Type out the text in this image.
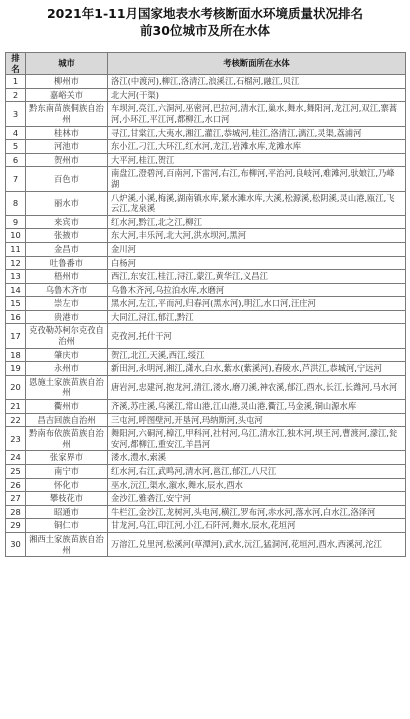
2021年1-11月国家地表水考核断面水环境质量状况排名
前30位城市及所在水体
排名	城市	考核断面所在水体
1	柳州市	洛江(中渡河),柳江,洛清江,浪溪江,石榴河,融江,贝江
2	嘉峪关市	北大河(干渠)
3	黔东南苗族侗族自治州	车坝河,亮江,六洞河,巫密河,巴拉河,清水江,巢水,舞水,舞阳河,龙江河,双江,寨蒿河,小环江,平江河,都柳江,水口河
4	桂林市	寻江,甘棠江,大夷水,湘江,灌江,恭城河,桂江,洛清江,漓江,灵渠,荔浦河
5	河池市	东小江,刁江,大环江,红水河,龙江,岩滩水库,龙滩水库
6	贺州市	大平河,桂江,贺江
7	百色市	南盘江,澄碧河,百南河,下雷河,右江,布柳河,平治河,良岐河,难滩河,驮娘江,乃峰湖
8	丽水市	八炉溪,小溪,梅溪,湖南镇水库,紧水滩水库,大溪,松源溪,松阴溪,灵山港,瓯江,飞云江,龙泉溪
9	来宾市	红水河,黔江,北之江,柳江
10	张掖市	东大河,丰乐河,北大河,洪水坝河,黑河
11	金昌市	金川河
12	吐鲁番市	白杨河
13	梧州市	西江,东安江,桂江,浔江,蒙江,黄华江,义昌江
14	乌鲁木齐市	乌鲁木齐河,乌拉泊水库,水磨河
15	崇左市	黑水河,左江,平而河,归春河(黑水河),明江,水口河,汪庄河
16	贵港市	大同江,浔江,郁江,黔江
17	克孜勒苏柯尔克孜自治州	克孜河,托什干河
18	肇庆市	贺江,北江,天溪,西江,绥江
19	永州市	新田河,永明河,湘江,潇水,白水,紫水(紫溪河),舂陵水,芦洪江,恭城河,宁远河
20	恩施土家族苗族自治州	唐岩河,忠建河,抱龙河,清江,溇水,磨刀溪,神农溪,郁江,酉水,长江,长潍河,马水河
21	衢州市	齐溪,苏庄溪,乌溪江,常山港,江山港,灵山港,衢江,马金溪,铜山源水库
22	昌吉回族自治州	三屯河,呼图壁河,开垦河,玛纳斯河,头屯河
23	黔南布依族苗族自治州	舞阳河,六硐河,樟江,甲科河,社村河,乌江,清水江,独木河,坝王河,曹渡河,濛江,瓮安河,都柳江,重安江,羊昌河
24	张家界市	溇水,澧水,索溪
25	南宁市	红水河,右江,武鸣河,清水河,邕江,郁江,八尺江
26	怀化市	巫水,沅江,渠水,溆水,舞水,辰水,酉水
27	攀枝花市	金沙江,雅砻江,安宁河
28	昭通市	牛栏江,金沙江,龙树河,头电河,横江,罗布河,赤水河,落水河,白水江,洛泽河
29	铜仁市	甘龙河,乌江,印江河,小江,石阡河,舞水,辰水,花垣河
30	湘西土家族苗族自治州	万溶江,兑里河,松溪河(草潭河),武水,沅江,猛洞河,花垣河,酉水,西溪河,沱江
